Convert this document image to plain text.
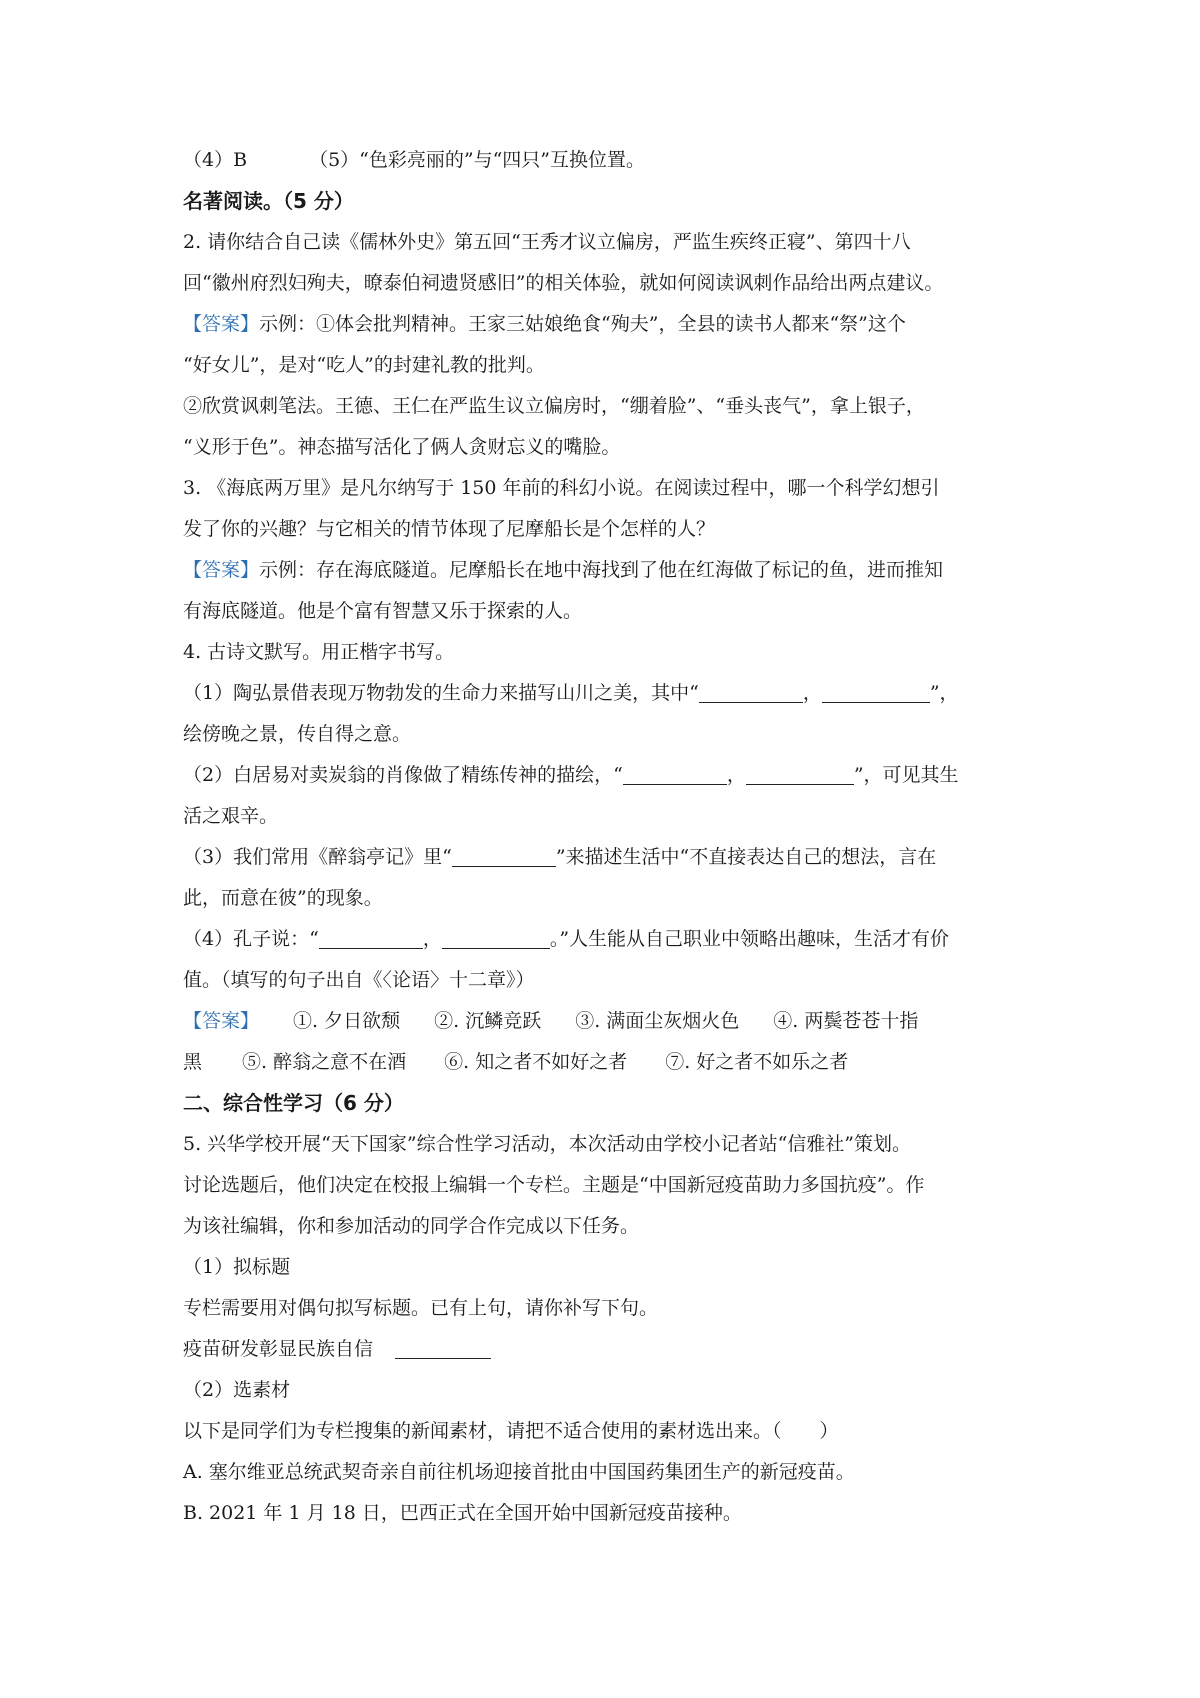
（4）B	（5）“色彩亮丽的”与“四只”互换位置。
名著阅读。（5 分）
2. 请你结合自己读《儒林外史》第五回“王秀才议立偏房，严监生疾终正寝”、第四十八
回“徽州府烈妇殉夫，暸泰伯祠遗贤感旧”的相关体验，就如何阅读讽刺作品给出两点建议。
【答案】示例：①体会批判精神。王家三姑娘绝食“殉夫”，全县的读书人都来“祭”这个
“好女儿”，是对“吃人”的封建礼教的批判。
②欣赏讽刺笔法。王德、王仁在严监生议立偏房时，“绷着脸”、“垂头丧气”，拿上银子，
“义形于色”。神态描写活化了俩人贪财忘义的嘴脸。
3. 《海底两万里》是凡尔纳写于 150 年前的科幻小说。在阅读过程中，哪一个科学幻想引
发了你的兴趣？与它相关的情节体现了尼摩船长是个怎样的人？
【答案】示例：存在海底隧道。尼摩船长在地中海找到了他在红海做了标记的鱼，进而推知
有海底隧道。他是个富有智慧又乐于探索的人。
4. 古诗文默写。用正楷字书写。
（1）陶弘景借表现万物勃发的生命力来描写山川之美，其中“	，	”，
绘傍晚之景，传自得之意。
（2）白居易对卖炭翁的肖像做了精练传神的描绘，“	，	”，可见其生
活之艰辛。
（3）我们常用《醉翁亭记》里“	”来描述生活中“不直接表达自己的想法，言在
此，而意在彼”的现象。
（4）孔子说：“	，	。”人生能从自己职业中领略出趣味，生活才有价
值。（填写的句子出自《〈论语〉十二章》）
【答案】 ①. 夕日欲颓 ②. 沉鳞竞跃 ③. 满面尘灰烟火色 ④. 两鬓苍苍十指
黑 ⑤. 醉翁之意不在酒 ⑥. 知之者不如好之者 ⑦. 好之者不如乐之者
二、综合性学习（6 分）
5. 兴华学校开展“天下国家”综合性学习活动，本次活动由学校小记者站“信雅社”策划。
讨论选题后，他们决定在校报上编辑一个专栏。主题是“中国新冠疫苗助力多国抗疫”。作
为该社编辑，你和参加活动的同学合作完成以下任务。
（1）拟标题
专栏需要用对偶句拟写标题。已有上句，请你补写下句。
疫苗研发彰显民族自信
（2）选素材
以下是同学们为专栏搜集的新闻素材，请把不适合使用的素材选出来。（　　）
A. 塞尔维亚总统武契奇亲自前往机场迎接首批由中国国药集团生产的新冠疫苗。
B. 2021 年 1 月 18 日，巴西正式在全国开始中国新冠疫苗接种。
